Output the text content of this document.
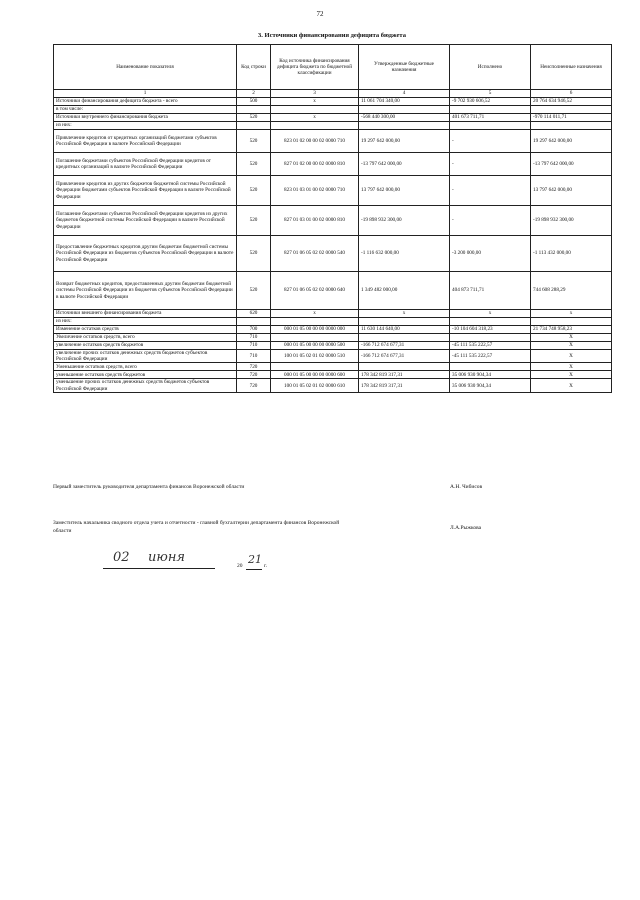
72
3. Источники финансирования дефицита бюджета
Наименование показателя	Код строки	Код источника финансирования дефицита бюджета по бюджетной классификации	Утвержденные бюджетные назначения	Исполнено	Неисполненные назначения
1	2	3	4	5	6
Источники финансирования дефицита бюджета - всего	500	x	11 061 704 340,00	-9 702 930 606,52	20 764 634 946,52
в том числе:					
Источники внутреннего финансирования бюджета	520	x	-568 440 300,00	401 673 711,71	-970 114 011,71
из них:					
Привлечение кредитов от кредитных организаций бюджетами субъектов Российской Федерации в валюте Российской Федерации	520	823 01 02 00 00 02 0000 710	19 297 642 000,00	-	19 297 642 000,00
Погашение бюджетами субъектов Российской Федерации кредитов от кредитных организаций в валюте Российской Федерации	520	827 01 02 00 00 02 0000 810	-13 797 642 000,00	-	-13 797 642 000,00
Привлечение кредитов из других бюджетов бюджетной системы Российской Федерации бюджетами субъектов Российской Федерации в валюте Российской Федерации	520	823 01 03 01 00 02 0000 710	13 797 642 000,00	-	13 797 642 000,00
Погашение бюджетами субъектов Российской Федерации кредитов из других бюджетов бюджетной системы Российской Федерации в валюте Российской Федерации	520	827 01 03 01 00 02 0000 810	-19 898 932 300,00	-	-19 898 932 300,00
Предоставление бюджетных кредитов другим бюджетам бюджетной системы Российской Федерации из бюджетов субъектов Российской Федерации в валюте Российской Федерации	520	827 01 06 05 02 02 0000 540	-1 116 632 000,00	-3 200 000,00	-1 113 432 000,00
Возврат бюджетных кредитов, предоставленных другим бюджетам бюджетной системы Российской Федерации из бюджетов субъектов Российской Федерации в валюте Российской Федерации	520	827 01 06 05 02 02 0000 640	1 349 482 000,00	404 873 711,71	744 608 288,29
Источники внешнего финансирования бюджета	620	x	x	x	x
из них:					
Изменение остатков средств	700	000 01 05 00 00 00 0000 000	11 630 144 640,00	-10 104 604 318,23	21 734 748 958,23
Увеличение остатков средств, всего	710				X
увеличение остатков средств бюджетов	710	000 01 05 00 00 00 0000 500	-166 712 674 677,31	-45 111 535 222,57	X
увеличение прочих остатков денежных средств бюджетов субъектов Российской Федерации	710	100 01 05 02 01 02 0000 510	-166 712 674 677,31	-45 111 535 222,57	X
Уменьшение остатков средств, всего	720				X
уменьшение остатков средств бюджетов	720	000 01 05 00 00 00 0000 600	178 342 819 317,31	35 006 930 904,34	X
уменьшение прочих остатков денежных средств бюджетов субъектов Российской Федерации	720	100 01 05 02 01 02 0000 610	178 342 819 317,31	35 006 930 904,34	X
Первый заместитель руководителя департамента финансов Воронежской области	А.Н. Чибисов
Заместитель начальника сводного отдела учета и отчетности - главной бухгалтерии департамента финансов Воронежской области	Л.А.Рыжкова
02 июня
20 21 г.
